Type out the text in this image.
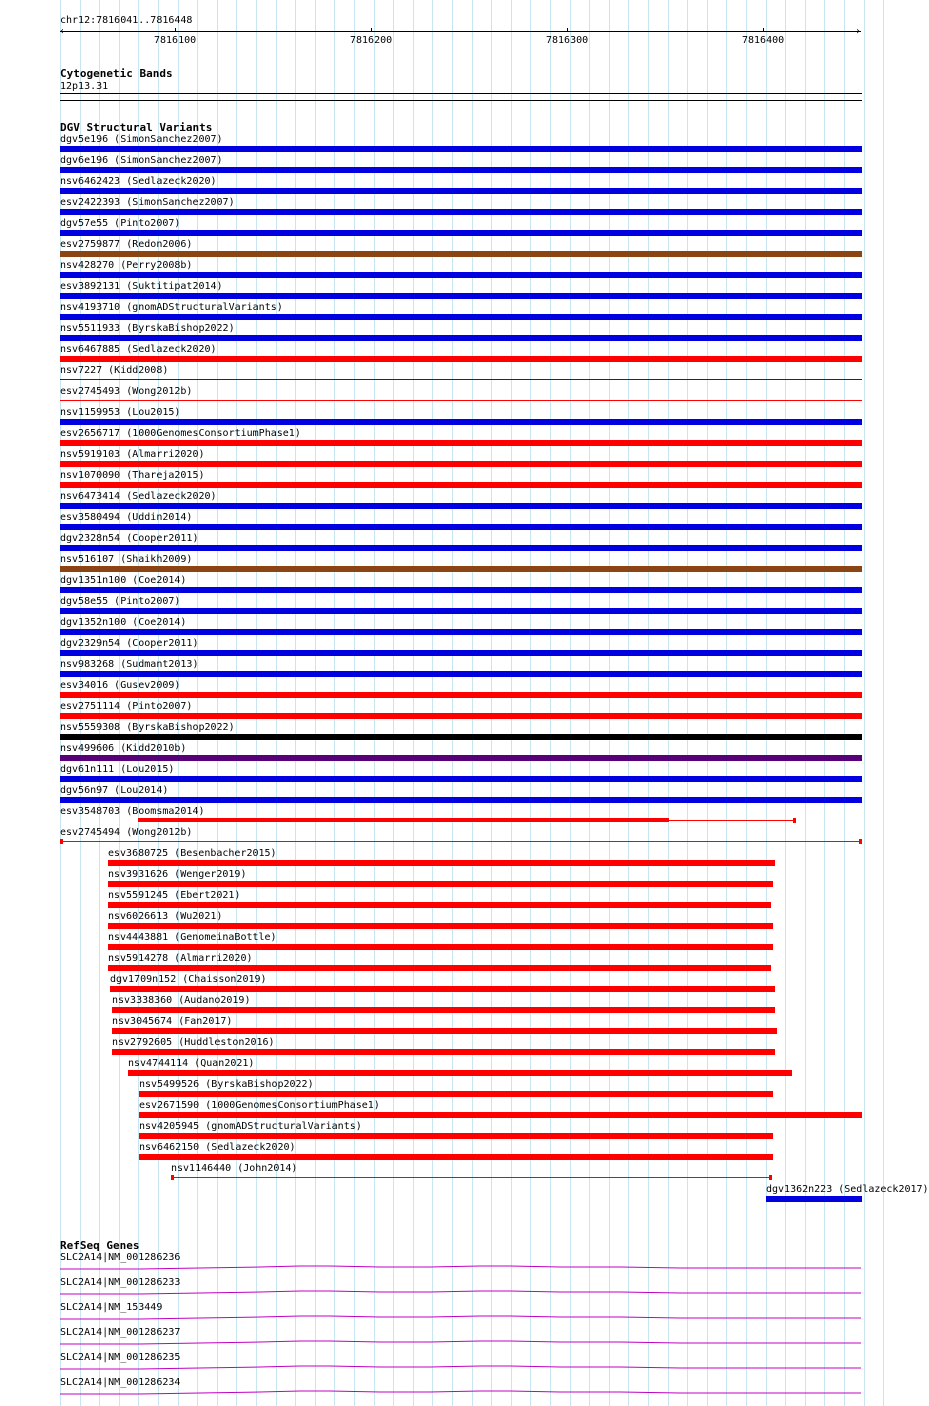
chr12:7816041..7816448
‹	›
7816100	7816200	7816300	7816400
Cytogenetic Bands
12p13.31
DGV Structural Variants
dgv5e196 (SimonSanchez2007)
dgv6e196 (SimonSanchez2007)
nsv6462423 (Sedlazeck2020)
esv2422393 (SimonSanchez2007)
dgv57e55 (Pinto2007)
esv2759877 (Redon2006)
nsv428270 (Perry2008b)
esv3892131 (Suktitipat2014)
nsv4193710 (gnomADStructuralVariants)
nsv5511933 (ByrskaBishop2022)
nsv6467885 (Sedlazeck2020)
nsv7227 (Kidd2008)
esv2745493 (Wong2012b)
nsv1159953 (Lou2015)
esv2656717 (1000GenomesConsortiumPhase1)
nsv5919103 (Almarri2020)
nsv1070090 (Thareja2015)
nsv6473414 (Sedlazeck2020)
esv3580494 (Uddin2014)
dgv2328n54 (Cooper2011)
nsv516107 (Shaikh2009)
dgv1351n100 (Coe2014)
dgv58e55 (Pinto2007)
dgv1352n100 (Coe2014)
dgv2329n54 (Cooper2011)
nsv983268 (Sudmant2013)
esv34016 (Gusev2009)
esv2751114 (Pinto2007)
nsv5559308 (ByrskaBishop2022)
nsv499606 (Kidd2010b)
dgv61n111 (Lou2015)
dgv56n97 (Lou2014)
esv3548703 (Boomsma2014)
esv2745494 (Wong2012b)
esv3680725 (Besenbacher2015)
nsv3931626 (Wenger2019)
nsv5591245 (Ebert2021)
nsv6026613 (Wu2021)
nsv4443881 (GenomeinaBottle)
nsv5914278 (Almarri2020)
dgv1709n152 (Chaisson2019)
nsv3338360 (Audano2019)
nsv3045674 (Fan2017)
nsv2792605 (Huddleston2016)
nsv4744114 (Quan2021)
nsv5499526 (ByrskaBishop2022)
esv2671590 (1000GenomesConsortiumPhase1)
nsv4205945 (gnomADStructuralVariants)
nsv6462150 (Sedlazeck2020)
nsv1146440 (John2014)
dgv1362n223 (Sedlazeck2017)
RefSeq Genes
SLC2A14|NM_001286236
SLC2A14|NM_001286233
SLC2A14|NM_153449
SLC2A14|NM_001286237
SLC2A14|NM_001286235
SLC2A14|NM_001286234
